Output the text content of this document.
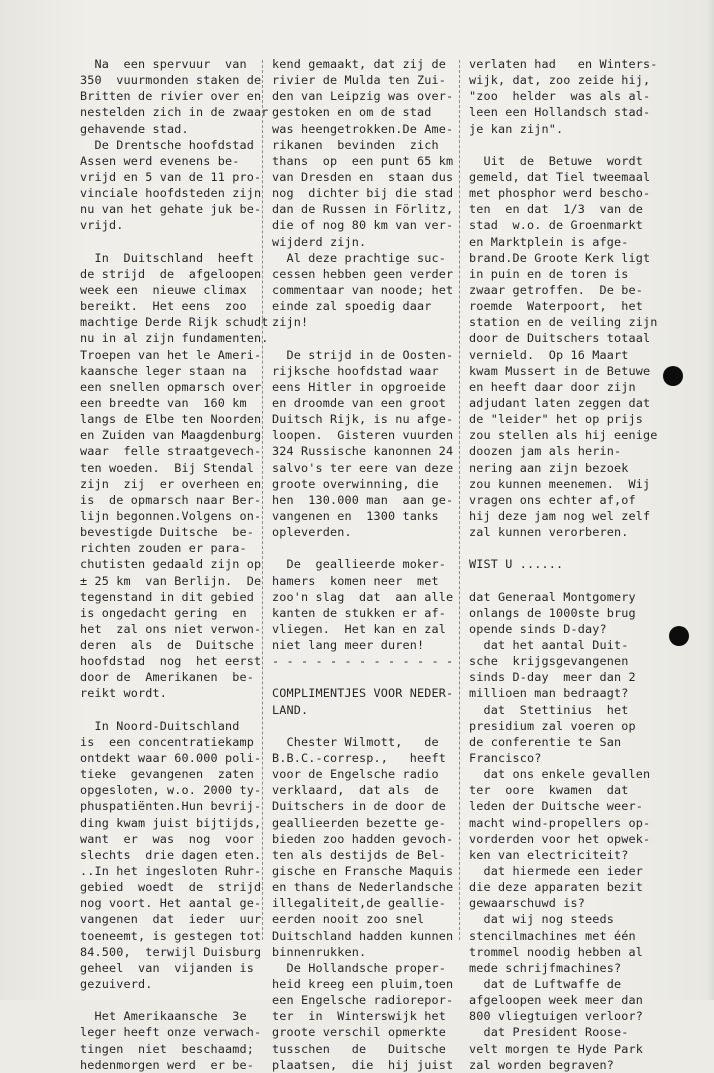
Na  een spervuur  van
350  vuurmonden staken de
Britten de rivier over en
nestelden zich in de zwaar
gehavende stad.
De Drentsche hoofdstad
Assen werd evenens be-
vrijd en 5 van de 11 pro-
vinciale hoofdsteden zijn
nu van het gehate juk be-
vrijd.
In  Duitschland  heeft
de strijd  de  afgeloopen
week een  nieuwe climax
bereikt.  Het eens  zoo
machtige Derde Rijk schudt
nu in al zijn fundamenten.
Troepen van het le Ameri-
kaansche leger staan na
een snellen opmarsch over
een breedte van  160 km
langs de Elbe ten Noorden
en Zuiden van Maagdenburg
waar  felle straatgevech-
ten woeden.  Bij Stendal
zijn  zij  er overheen en
is  de opmarsch naar Ber-
lijn begonnen.Volgens on-
bevestigde Duitsche  be-
richten zouden er para-
chutisten gedaald zijn op
± 25 km  van Berlijn.  De
tegenstand in dit gebied
is ongedacht gering  en
het  zal ons niet verwon-
deren  als  de  Duitsche
hoofdstad  nog  het eerst
door de  Amerikanen  be-
reikt wordt.
In Noord-Duitschland
is  een concentratiekamp
ontdekt waar 60.000 poli-
tieke  gevangenen  zaten
opgesloten, w.o. 2000 ty-
phuspatiënten.Hun bevrij-
ding kwam juist bijtijds,
want  er  was  nog  voor
slechts  drie dagen eten.
..In het ingesloten Ruhr-
gebied  woedt  de  strijd
nog voort. Het aantal ge-
vangenen  dat  ieder  uur
toeneemt, is gestegen tot
84.500,  terwijl Duisburg
geheel  van  vijanden is
gezuiverd.
Het Amerikaansche  3e
leger heeft onze verwach-
tingen  niet  beschaamd;
hedenmorgen werd  er be-
kend gemaakt, dat zij de
rivier de Mulda ten Zui-
den van Leipzig was over-
gestoken en om de stad
was heengetrokken.De Ame-
rikanen  bevinden  zich
thans  op  een punt 65 km
van Dresden en  staan dus
nog  dichter bij die stad
dan de Russen in Förlitz,
die of nog 80 km van ver-
wijderd zijn.
Al deze prachtige suc-
cessen hebben geen verder
commentaar van noode; het
einde zal spoedig daar
zijn!
De strijd in de Oosten-
rijksche hoofdstad waar
eens Hitler in opgroeide
en droomde van een groot
Duitsch Rijk, is nu afge-
loopen.  Gisteren vuurden
324 Russische kanonnen 24
salvo's ter eere van deze
groote overwinning, die
hen  130.000 man  aan ge-
vangenen en  1300 tanks
opleverden.
De  geallieerde moker-
hamers  komen neer  met
zoo'n slag  dat  aan alle
kanten de stukken er af-
vliegen.  Het kan en zal
niet lang meer duren!
- - - - - - - - - - - - -
COMPLIMENTJES VOOR NEDER-
LAND.
Chester Wilmott,   de
B.B.C.-corresp.,   heeft
voor de Engelsche radio
verklaard,  dat als  de
Duitschers in de door de
geallieerden bezette ge-
bieden zoo hadden gevoch-
ten als destijds de Bel-
gische en Fransche Maquis
en thans de Nederlandsche
illegaliteit,de geallie-
eerden nooit zoo snel
Duitschland hadden kunnen
binnenrukken.
De Hollandsche proper-
heid kreeg een pluim,toen
een Engelsche radiorepor-
ter  in  Winterswijk het
groote verschil opmerkte
tusschen   de   Duitsche
plaatsen,  die  hij juist
verlaten had   en Winters-
wijk, dat, zoo zeide hij,
"zoo  helder  was als al-
leen een Hollandsch stad-
je kan zijn".
Uit  de  Betuwe  wordt
gemeld, dat Tiel tweemaal
met phosphor werd bescho-
ten  en dat  1/3  van de
stad  w.o. de Groenmarkt
en Marktplein is afge-
brand.De Groote Kerk ligt
in puin en de toren is
zwaar getroffen.  De be-
roemde  Waterpoort,  het
station en de veiling zijn
door de Duitschers totaal
vernield.  Op 16 Maart
kwam Mussert in de Betuwe
en heeft daar door zijn
adjudant laten zeggen dat
de "leider" het op prijs
zou stellen als hij eenige
doozen jam als herin-
nering aan zijn bezoek
zou kunnen meenemen.  Wij
vragen ons echter af,of
hij deze jam nog wel zelf
zal kunnen verorberen.
WIST U ......
dat Generaal Montgomery
onlangs de 1000ste brug
opende sinds D-day?
dat het aantal Duit-
sche  krijgsgevangenen
sinds D-day  meer dan 2
millioen man bedraagt?
dat  Stettinius  het
presidium zal voeren op
de conferentie te San
Francisco?
dat ons enkele gevallen
ter  oore  kwamen  dat
leden der Duitsche weer-
macht wind-propellers op-
vorderden voor het opwek-
ken van electriciteit?
dat hiermede een ieder
die deze apparaten bezit
gewaarschuwd is?
dat wij nog steeds
stencilmachines met één
trommel noodig hebben al
mede schrijfmachines?
dat de Luftwaffe de
afgeloopen week meer dan
800 vliegtuigen verloor?
dat President Roose-
velt morgen te Hyde Park
zal worden begraven?
